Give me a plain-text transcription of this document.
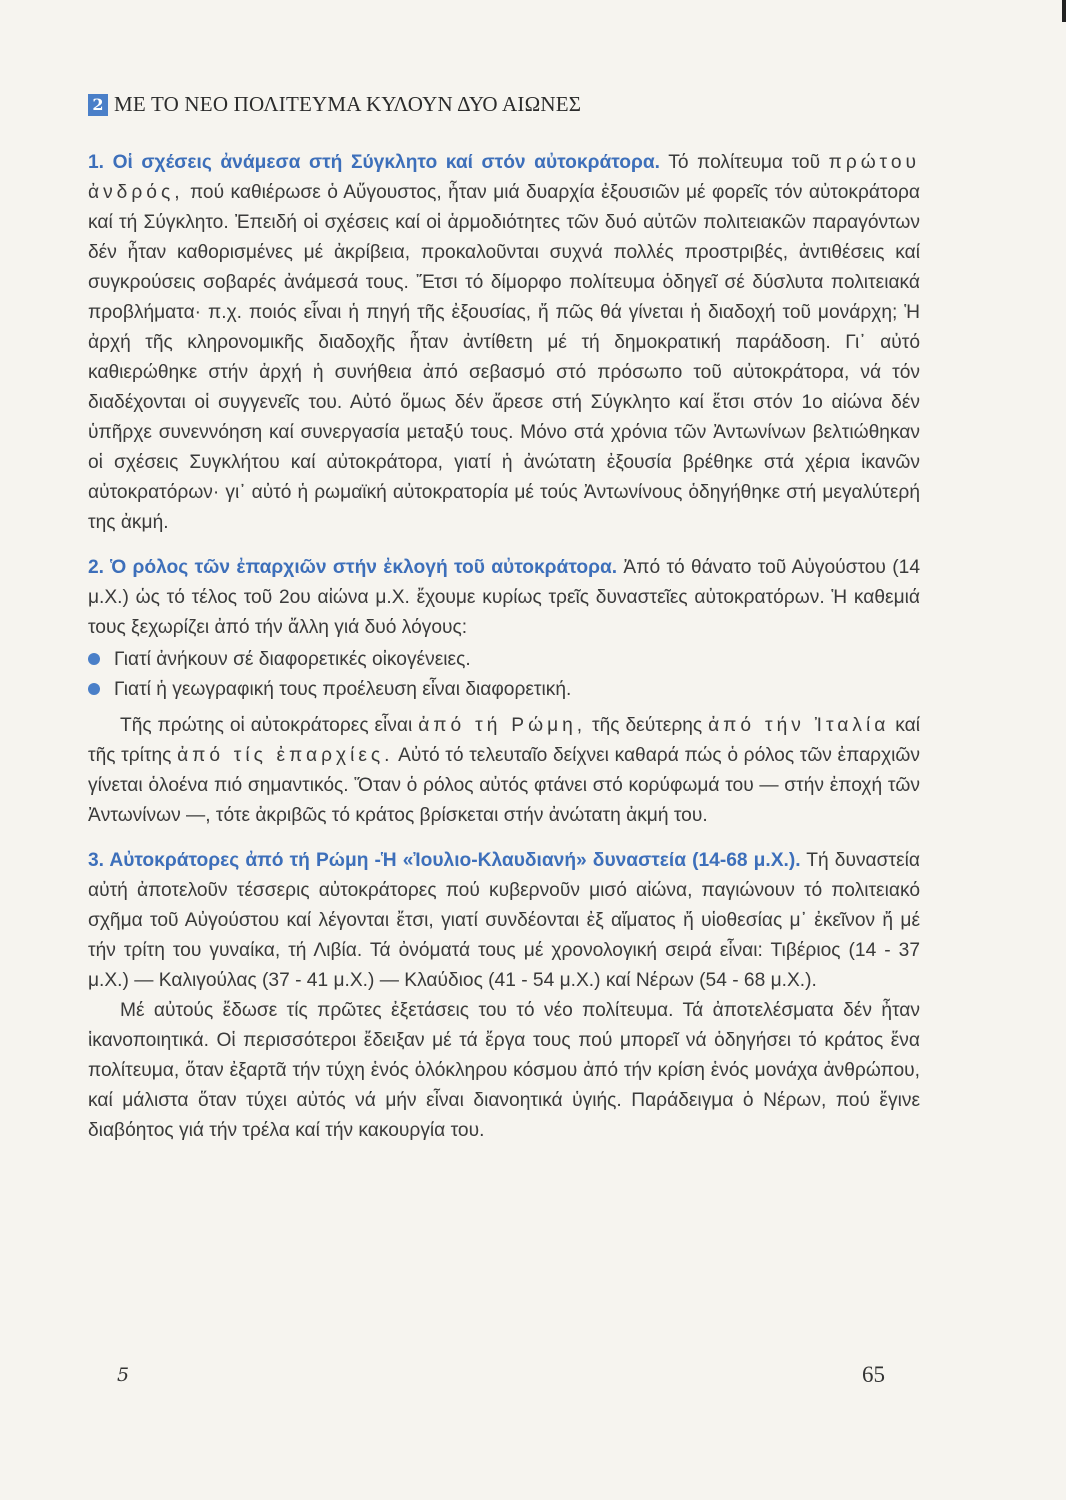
2 ΜΕ ΤΟ ΝΕΟ ΠΟΛΙΤΕΥΜΑ ΚΥΛΟΥΝ ΔΥΟ ΑΙΩΝΕΣ

1. Οἱ σχέσεις ἀνάμεσα στή Σύγκλητο καί στόν αὐτοκράτορα. Τό πολίτευμα τοῦ πρώτου ἀνδρός, πού καθιέρωσε ὁ Αὔγουστος, ἦταν μιά δυαρχία ἐξουσιῶν μέ φορεῖς τόν αὐτοκράτορα καί τή Σύγκλητο. Ἐπειδή οἱ σχέσεις καί οἱ ἁρμοδιότητες τῶν δυό αὐτῶν πολιτειακῶν παραγόντων δέν ἦταν καθορισμένες μέ ἀκρίβεια, προκαλοῦνται συχνά πολλές προστριβές, ἀντιθέσεις καί συγκρούσεις σοβαρές ἀνάμεσά τους. Ἔτσι τό δίμορφο πολίτευμα ὁδηγεῖ σέ δύσλυτα πολιτειακά προβλήματα· π.χ. ποιός εἶναι ἡ πηγή τῆς ἐξουσίας, ἤ πῶς θά γίνεται ἡ διαδοχή τοῦ μονάρχη; Ἡ ἀρχή τῆς κληρονομικῆς διαδοχῆς ἦταν ἀντίθετη μέ τή δημοκρατική παράδοση. Γι᾽ αὐτό καθιερώθηκε στήν ἀρχή ἡ συνήθεια ἀπό σεβασμό στό πρόσωπο τοῦ αὐτοκράτορα, νά τόν διαδέχονται οἱ συγγενεῖς του. Αὐτό ὅμως δέν ἄρεσε στή Σύγκλητο καί ἔτσι στόν 1ο αἰώνα δέν ὑπῆρχε συνεννόηση καί συνεργασία μεταξύ τους. Μόνο στά χρόνια τῶν Ἀντωνίνων βελτιώθηκαν οἱ σχέσεις Συγκλήτου καί αὐτοκράτορα, γιατί ἡ ἀνώτατη ἐξουσία βρέθηκε στά χέρια ἱκανῶν αὐτοκρατόρων· γι᾽ αὐτό ἡ ρωμαϊκή αὐτοκρατορία μέ τούς Ἀντωνίνους ὁδηγήθηκε στή μεγαλύτερή της ἀκμή.

2. Ὁ ρόλος τῶν ἐπαρχιῶν στήν ἐκλογή τοῦ αὐτοκράτορα. Ἀπό τό θάνατο τοῦ Αὐγούστου (14 μ.Χ.) ὡς τό τέλος τοῦ 2ου αἰώνα μ.Χ. ἔχουμε κυρίως τρεῖς δυναστεῖες αὐτοκρατόρων. Ἡ καθεμιά τους ξεχωρίζει ἀπό τήν ἄλλη γιά δυό λόγους:

Γιατί ἀνήκουν σέ διαφορετικές οἰκογένειες.
Γιατί ἡ γεωγραφική τους προέλευση εἶναι διαφορετική.

Τῆς πρώτης οἱ αὐτοκράτορες εἶναι ἀπό τή Ρώμη, τῆς δεύτερης ἀπό τήν Ἰταλία καί τῆς τρίτης ἀπό τίς ἐπαρχίες. Αὐτό τό τελευταῖο δείχνει καθαρά πώς ὁ ρόλος τῶν ἐπαρχιῶν γίνεται ὁλοένα πιό σημαντικός. Ὅταν ὁ ρόλος αὐτός φτάνει στό κορύφωμά του — στήν ἐποχή τῶν Ἀντωνίνων —, τότε ἀκριβῶς τό κράτος βρίσκεται στήν ἀνώτατη ἀκμή του.

3. Αὐτοκράτορες ἀπό τή Ρώμη -Ἡ «Ἰουλιο-Κλαυδιανή» δυναστεία (14-68 μ.Χ.). Τή δυναστεία αὐτή ἀποτελοῦν τέσσερις αὐτοκράτορες πού κυβερνοῦν μισό αἰώνα, παγιώνουν τό πολιτειακό σχῆμα τοῦ Αὐγούστου καί λέγονται ἔτσι, γιατί συνδέονται ἐξ αἵματος ἤ υἱοθεσίας μ᾽ ἐκεῖνον ἤ μέ τήν τρίτη του γυναίκα, τή Λιβία. Τά ὀνόματά τους μέ χρονολογική σειρά εἶναι: Τιβέριος (14 - 37 μ.Χ.) — Καλιγούλας (37 - 41 μ.Χ.) — Κλαύδιος (41 - 54 μ.Χ.) καί Νέρων (54 - 68 μ.Χ.).

Μέ αὐτούς ἔδωσε τίς πρῶτες ἐξετάσεις του τό νέο πολίτευμα. Τά ἀποτελέσματα δέν ἦταν ἱκανοποιητικά. Οἱ περισσότεροι ἔδειξαν μέ τά ἔργα τους πού μπορεῖ νά ὁδηγήσει τό κράτος ἕνα πολίτευμα, ὅταν ἐξαρτᾶ τήν τύχη ἑνός ὁλόκληρου κόσμου ἀπό τήν κρίση ἑνός μονάχα ἀνθρώπου, καί μάλιστα ὅταν τύχει αὐτός νά μήν εἶναι διανοητικά ὑγιής. Παράδειγμα ὁ Νέρων, πού ἔγινε διαβόητος γιά τήν τρέλα καί τήν κακουργία του.

5	65
